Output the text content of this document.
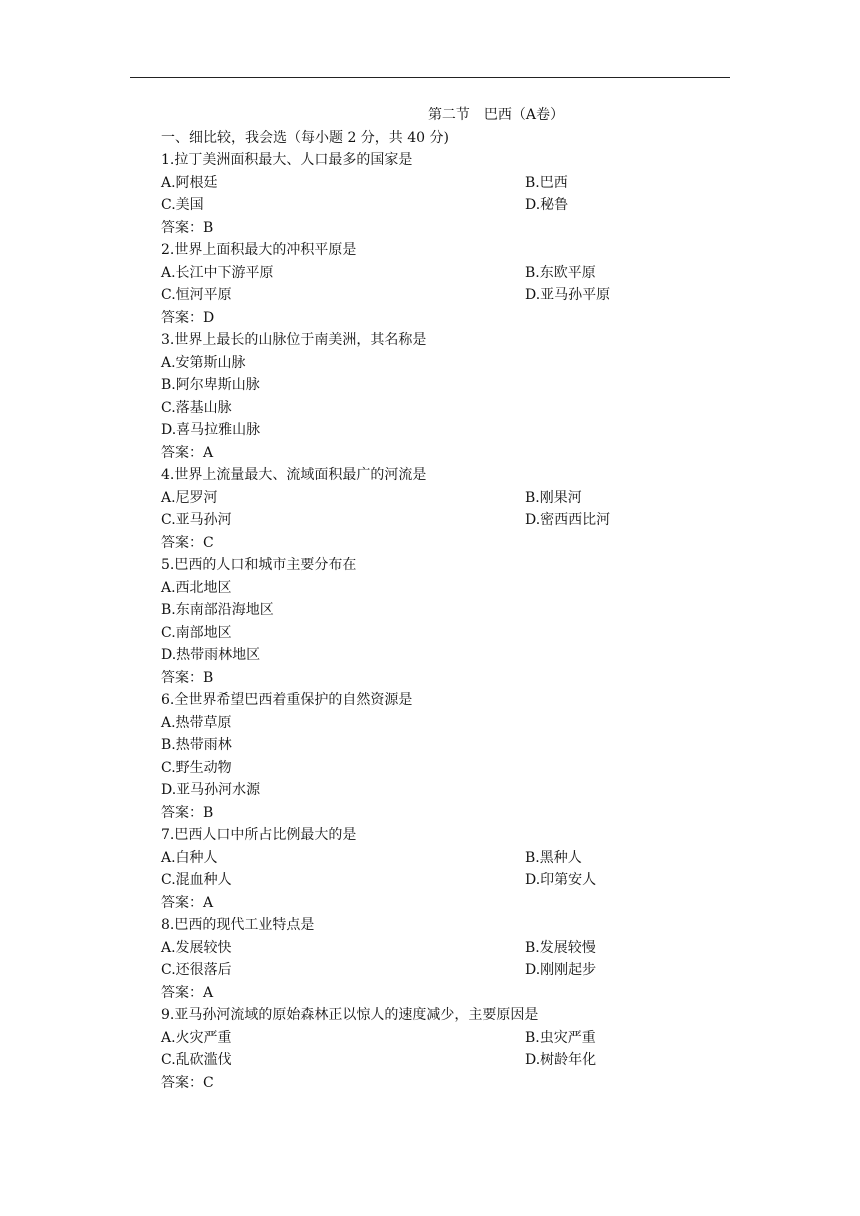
第二节　巴西（A卷）
一、细比较，我会选（每小题 2 分，共 40 分)
1.拉丁美洲面积最大、人口最多的国家是
A.阿根廷	B.巴西
C.美国	D.秘鲁
答案：B
2.世界上面积最大的冲积平原是
A.长江中下游平原	B.东欧平原
C.恒河平原	D.亚马孙平原
答案：D
3.世界上最长的山脉位于南美洲，其名称是
A.安第斯山脉
B.阿尔卑斯山脉
C.落基山脉
D.喜马拉雅山脉
答案：A
4.世界上流量最大、流域面积最广的河流是
A.尼罗河	B.刚果河
C.亚马孙河	D.密西西比河
答案：C
5.巴西的人口和城市主要分布在
A.西北地区
B.东南部沿海地区
C.南部地区
D.热带雨林地区
答案：B
6.全世界希望巴西着重保护的自然资源是
A.热带草原
B.热带雨林
C.野生动物
D.亚马孙河水源
答案：B
7.巴西人口中所占比例最大的是
A.白种人	B.黑种人
C.混血种人	D.印第安人
答案：A
8.巴西的现代工业特点是
A.发展较快	B.发展较慢
C.还很落后	D.刚刚起步
答案：A
9.亚马孙河流域的原始森林正以惊人的速度减少，主要原因是
A.火灾严重	B.虫灾严重
C.乱砍滥伐	D.树龄年化
答案：C
